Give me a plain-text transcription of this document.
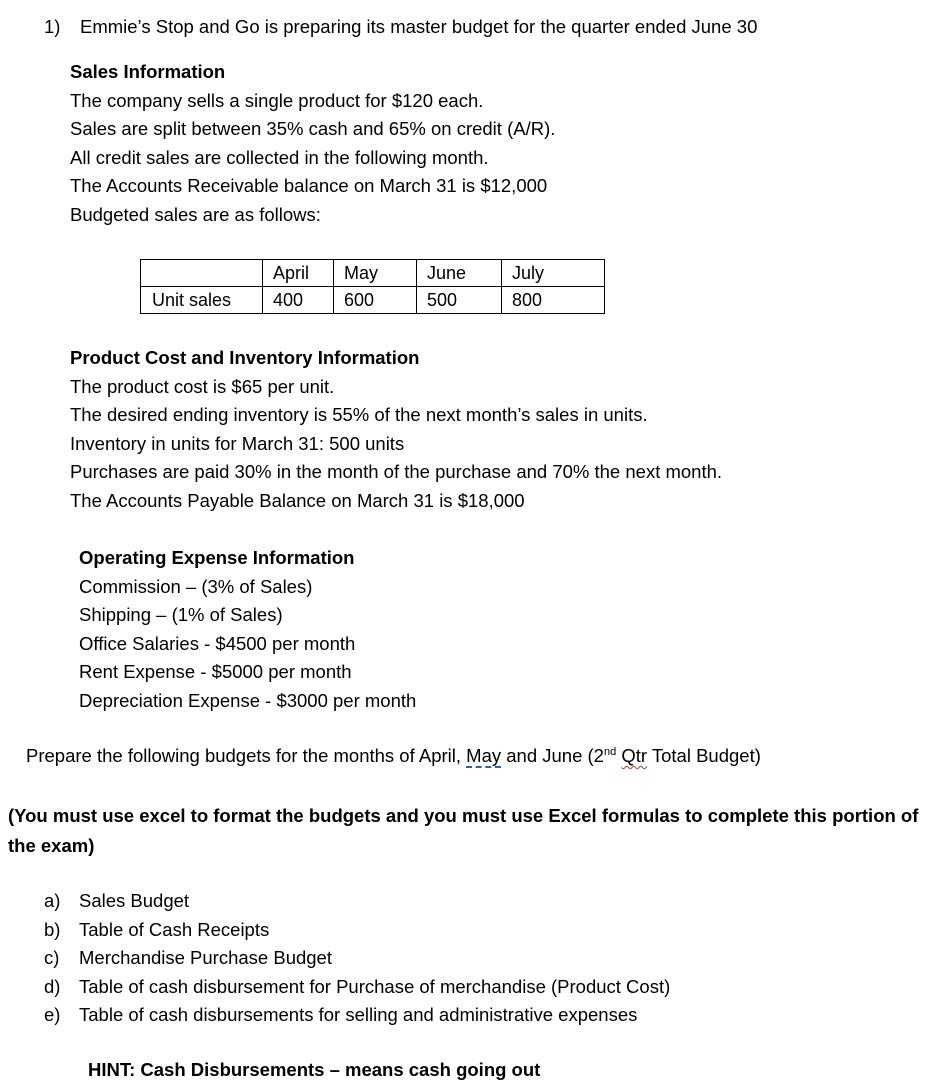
1) Emmie’s Stop and Go is preparing its master budget for the quarter ended June 30
Sales Information
The company sells a single product for $120 each.
Sales are split between 35% cash and 65% on credit (A/R).
All credit sales are collected in the following month.
The Accounts Receivable balance on March 31 is $12,000
Budgeted sales are as follows:
	April	May	June	July
Unit sales	400	600	500	800
Product Cost and Inventory Information
The product cost is $65 per unit.
The desired ending inventory is 55% of the next month’s sales in units.
Inventory in units for March 31: 500 units
Purchases are paid 30% in the month of the purchase and 70% the next month.
The Accounts Payable Balance on March 31 is $18,000
Operating Expense Information
Commission – (3% of Sales)
Shipping – (1% of Sales)
Office Salaries - $4500 per month
Rent Expense - $5000 per month
Depreciation Expense - $3000 per month
Prepare the following budgets for the months of April, May and June (2nd Qtr Total Budget)
(You must use excel to format the budgets and you must use Excel formulas to complete this portion of the exam)
a) Sales Budget
b) Table of Cash Receipts
c) Merchandise Purchase Budget
d) Table of cash disbursement for Purchase of merchandise (Product Cost)
e) Table of cash disbursements for selling and administrative expenses
HINT: Cash Disbursements – means cash going out
